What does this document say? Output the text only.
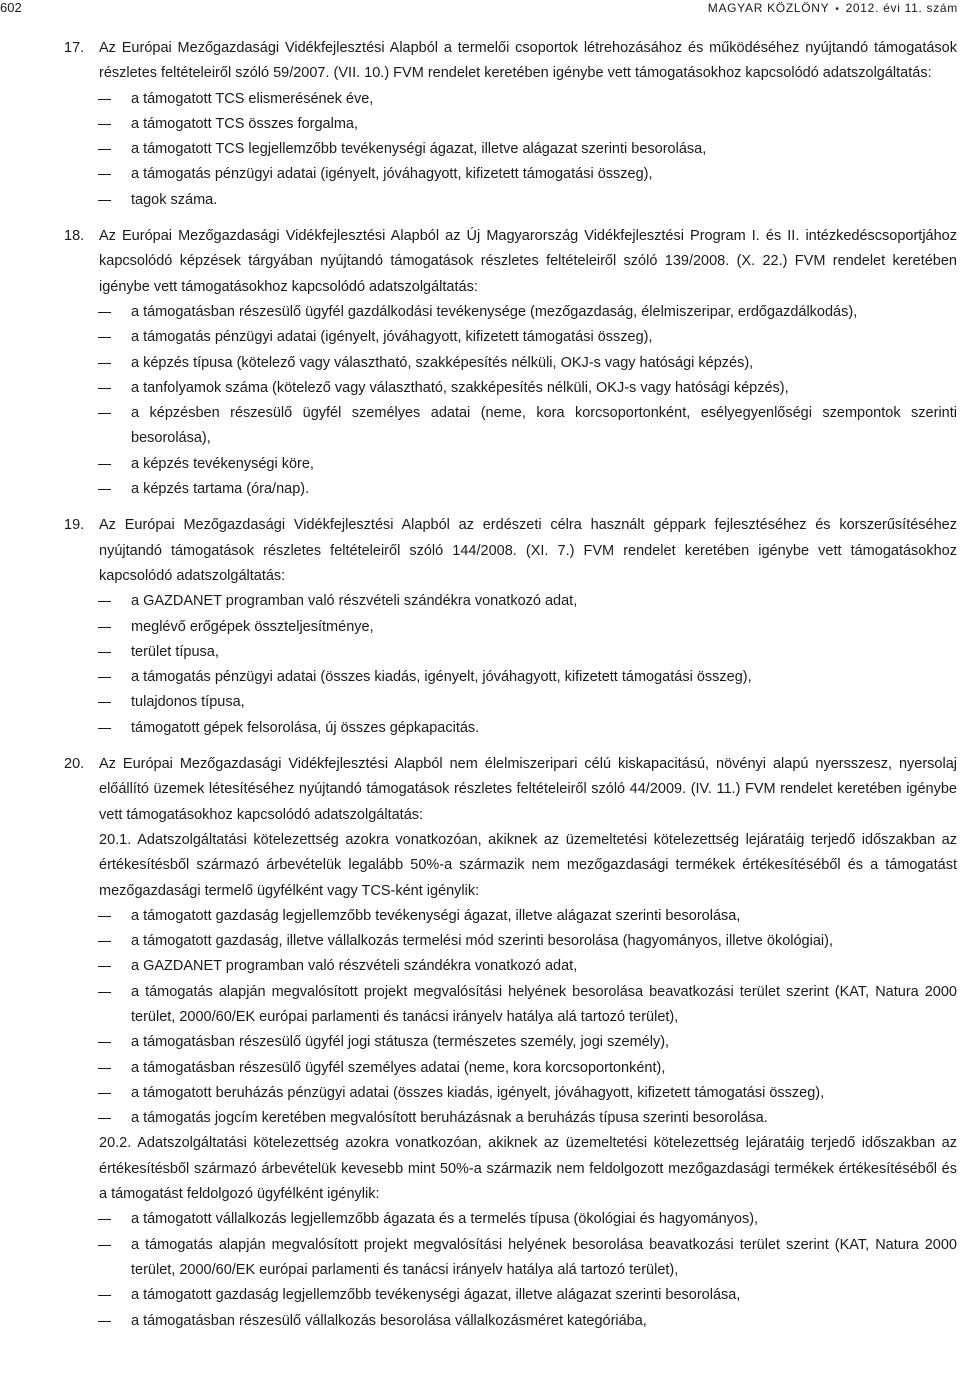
602	MAGYAR KÖZLÖNY • 2012. évi 11. szám
17. Az Európai Mezőgazdasági Vidékfejlesztési Alapból a termelői csoportok létrehozásához és működéséhez nyújtandó támogatások részletes feltételeiről szóló 59/2007. (VII. 10.) FVM rendelet keretében igénybe vett támogatásokhoz kapcsolódó adatszolgáltatás:
a támogatott TCS elismerésének éve,
a támogatott TCS összes forgalma,
a támogatott TCS legjellemzőbb tevékenységi ágazat, illetve alágazat szerinti besorolása,
a támogatás pénzügyi adatai (igényelt, jóváhagyott, kifizetett támogatási összeg),
tagok száma.
18. Az Európai Mezőgazdasági Vidékfejlesztési Alapból az Új Magyarország Vidékfejlesztési Program I. és II. intézkedéscsoportjához kapcsolódó képzések tárgyában nyújtandó támogatások részletes feltételeiről szóló 139/2008. (X. 22.) FVM rendelet keretében igénybe vett támogatásokhoz kapcsolódó adatszolgáltatás:
a támogatásban részesülő ügyfél gazdálkodási tevékenysége (mezőgazdaság, élelmiszeripar, erdőgazdálkodás),
a támogatás pénzügyi adatai (igényelt, jóváhagyott, kifizetett támogatási összeg),
a képzés típusa (kötelező vagy választható, szakképesítés nélküli, OKJ-s vagy hatósági képzés),
a tanfolyamok száma (kötelező vagy választható, szakképesítés nélküli, OKJ-s vagy hatósági képzés),
a képzésben részesülő ügyfél személyes adatai (neme, kora korcsoportonként, esélyegyenlőségi szempontok szerinti besorolása),
a képzés tevékenységi köre,
a képzés tartama (óra/nap).
19. Az Európai Mezőgazdasági Vidékfejlesztési Alapból az erdészeti célra használt géppark fejlesztéséhez és korszerűsítéséhez nyújtandó támogatások részletes feltételeiről szóló 144/2008. (XI. 7.) FVM rendelet keretében igénybe vett támogatásokhoz kapcsolódó adatszolgáltatás:
a GAZDANET programban való részvételi szándékra vonatkozó adat,
meglévő erőgépek összteljesítménye,
terület típusa,
a támogatás pénzügyi adatai (összes kiadás, igényelt, jóváhagyott, kifizetett támogatási összeg),
tulajdonos típusa,
támogatott gépek felsorolása, új összes gépkapacitás.
20. Az Európai Mezőgazdasági Vidékfejlesztési Alapból nem élelmiszeripari célú kiskapacitású, növényi alapú nyersszesz, nyersolaj előállító üzemek létesítéséhez nyújtandó támogatások részletes feltételeiről szóló 44/2009. (IV. 11.) FVM rendelet keretében igénybe vett támogatásokhoz kapcsolódó adatszolgáltatás:
20.1. Adatszolgáltatási kötelezettség azokra vonatkozóan, akiknek az üzemeltetési kötelezettség lejáratáig terjedő időszakban az értékesítésből származó árbevételük legalább 50%-a származik nem mezőgazdasági termékek értékesítéséből és a támogatást mezőgazdasági termelő ügyfélként vagy TCS-ként igénylik:
a támogatott gazdaság legjellemzőbb tevékenységi ágazat, illetve alágazat szerinti besorolása,
a támogatott gazdaság, illetve vállalkozás termelési mód szerinti besorolása (hagyományos, illetve ökológiai),
a GAZDANET programban való részvételi szándékra vonatkozó adat,
a támogatás alapján megvalósított projekt megvalósítási helyének besorolása beavatkozási terület szerint (KAT, Natura 2000 terület, 2000/60/EK európai parlamenti és tanácsi irányelv hatálya alá tartozó terület),
a támogatásban részesülő ügyfél jogi státusza (természetes személy, jogi személy),
a támogatásban részesülő ügyfél személyes adatai (neme, kora korcsoportonként),
a támogatott beruházás pénzügyi adatai (összes kiadás, igényelt, jóváhagyott, kifizetett támogatási összeg),
a támogatás jogcím keretében megvalósított beruházásnak a beruházás típusa szerinti besorolása.
20.2. Adatszolgáltatási kötelezettség azokra vonatkozóan, akiknek az üzemeltetési kötelezettség lejáratáig terjedő időszakban az értékesítésből származó árbevételük kevesebb mint 50%-a származik nem feldolgozott mezőgazdasági termékek értékesítéséből és a támogatást feldolgozó ügyfélként igénylik:
a támogatott vállalkozás legjellemzőbb ágazata és a termelés típusa (ökológiai és hagyományos),
a támogatás alapján megvalósított projekt megvalósítási helyének besorolása beavatkozási terület szerint (KAT, Natura 2000 terület, 2000/60/EK európai parlamenti és tanácsi irányelv hatálya alá tartozó terület),
a támogatott gazdaság legjellemzőbb tevékenységi ágazat, illetve alágazat szerinti besorolása,
a támogatásban részesülő vállalkozás besorolása vállalkozásméret kategóriába,
